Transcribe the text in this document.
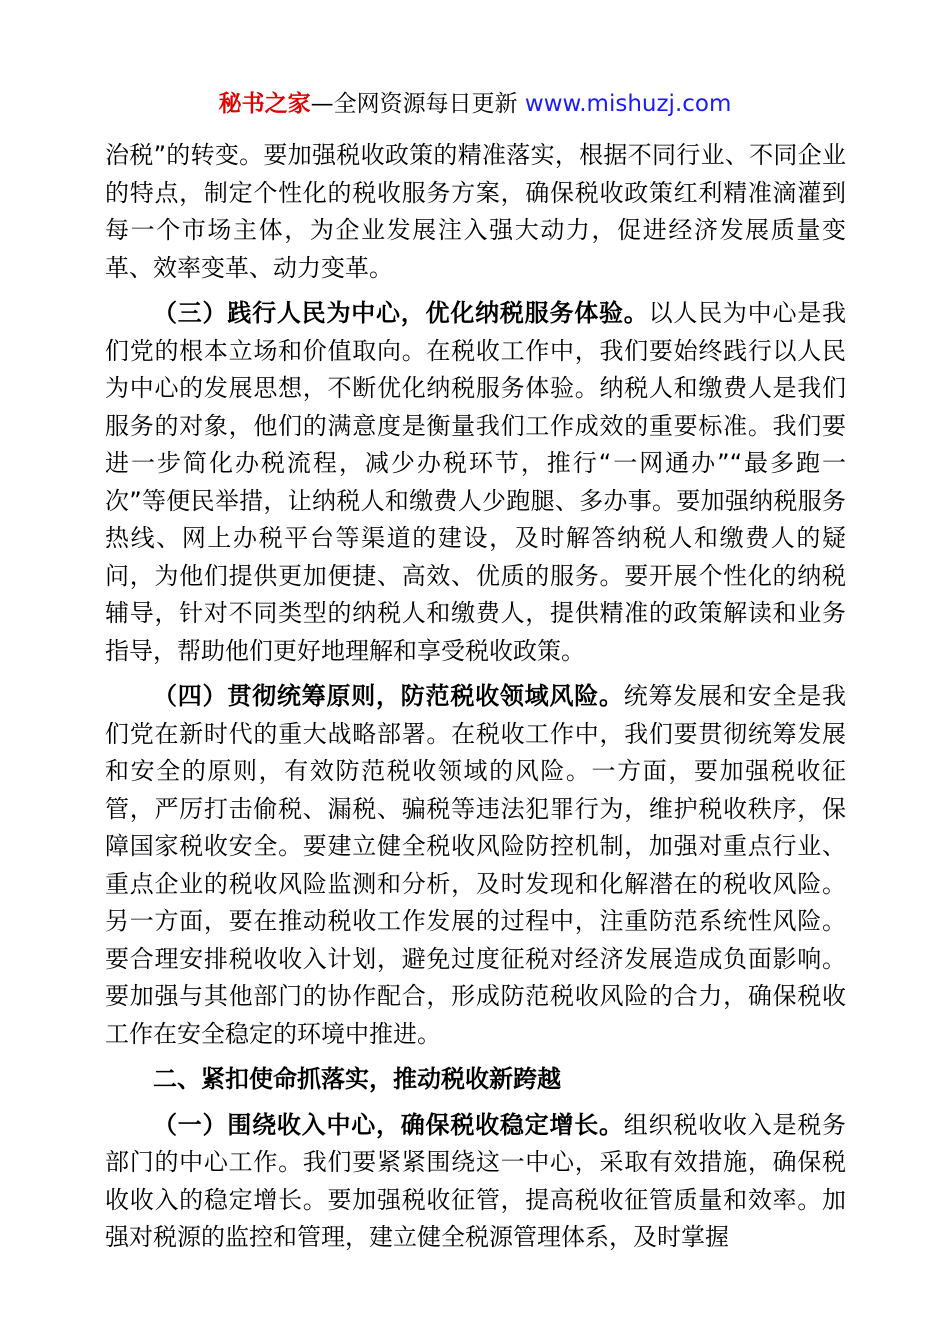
秘书之家—全网资源每日更新 www.mishuzj.com

治税”的转变。要加强税收政策的精准落实，根据不同行业、不同企业的特点，制定个性化的税收服务方案，确保税收政策红利精准滴灌到每一个市场主体，为企业发展注入强大动力，促进经济发展质量变革、效率变革、动力变革。

（三）践行人民为中心，优化纳税服务体验。以人民为中心是我们党的根本立场和价值取向。在税收工作中，我们要始终践行以人民为中心的发展思想，不断优化纳税服务体验。纳税人和缴费人是我们服务的对象，他们的满意度是衡量我们工作成效的重要标准。我们要进一步简化办税流程，减少办税环节，推行“一网通办”“最多跑一次”等便民举措，让纳税人和缴费人少跑腿、多办事。要加强纳税服务热线、网上办税平台等渠道的建设，及时解答纳税人和缴费人的疑问，为他们提供更加便捷、高效、优质的服务。要开展个性化的纳税辅导，针对不同类型的纳税人和缴费人，提供精准的政策解读和业务指导，帮助他们更好地理解和享受税收政策。

（四）贯彻统筹原则，防范税收领域风险。统筹发展和安全是我们党在新时代的重大战略部署。在税收工作中，我们要贯彻统筹发展和安全的原则，有效防范税收领域的风险。一方面，要加强税收征管，严厉打击偷税、漏税、骗税等违法犯罪行为，维护税收秩序，保障国家税收安全。要建立健全税收风险防控机制，加强对重点行业、重点企业的税收风险监测和分析，及时发现和化解潜在的税收风险。另一方面，要在推动税收工作发展的过程中，注重防范系统性风险。要合理安排税收收入计划，避免过度征税对经济发展造成负面影响。要加强与其他部门的协作配合，形成防范税收风险的合力，确保税收工作在安全稳定的环境中推进。

二、紧扣使命抓落实，推动税收新跨越

（一）围绕收入中心，确保税收稳定增长。组织税收收入是税务部门的中心工作。我们要紧紧围绕这一中心，采取有效措施，确保税收收入的稳定增长。要加强税收征管，提高税收征管质量和效率。加强对税源的监控和管理，建立健全税源管理体系，及时掌握
